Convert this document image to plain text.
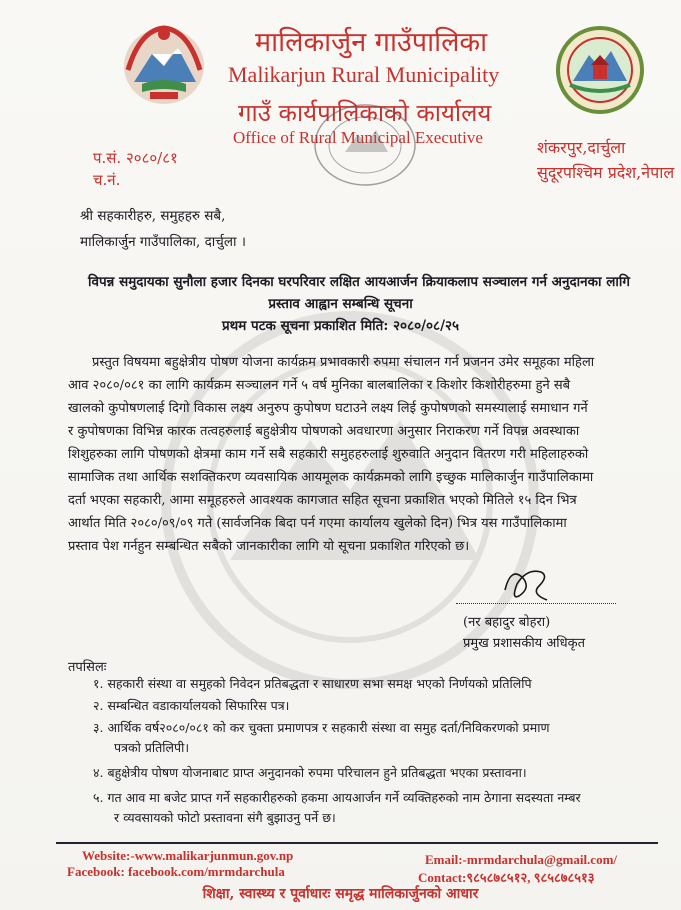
मालिकार्जुन गाउँपालिका
Malikarjun Rural Municipality
गाउँ कार्यपालिकाको कार्यालय
Office of Rural Municipal Executive
प.सं. २०८०/८१
च.नं.
शंकरपुर,दार्चुला
सुदूरपश्चिम प्रदेश,नेपाल
श्री सहकारीहरु, समुहहरु सबै,
मालिकार्जुन गाउँपालिका, दार्चुला ।
विपन्न समुदायका सुनौला हजार दिनका घरपरिवार लक्षित आयआर्जन क्रियाकलाप सञ्चालन गर्न अनुदानका लागि
प्रस्ताव आह्वान सम्बन्धि सूचना
प्रथम पटक सूचना प्रकाशित मिति: २०८०/०८/२५
प्रस्तुत विषयमा बहुक्षेत्रीय पोषण योजना कार्यक्रम प्रभावकारी रुपमा संचालन गर्न प्रजनन उमेर समूहका महिला
आव २०८०/०८१ का लागि कार्यक्रम सञ्चालन गर्ने ५ वर्ष मुनिका बालबालिका र किशोर किशोरीहरुमा हुने सबै
खालको कुपोषणलाई दिगो विकास लक्ष्य अनुरुप कुपोषण घटाउने लक्ष्य लिई कुपोषणको समस्यालाई समाधान गर्ने
र कुपोषणका विभिन्न कारक तत्वहरुलाई बहुक्षेत्रीय पोषणको अवधारणा अनुसार निराकरण गर्ने विपन्न अवस्थाका
शिशुहरुका लागि पोषणको क्षेत्रमा काम गर्ने सबै सहकारी समुहहरुलाई शुरुवाति अनुदान वितरण गरी महिलाहरुको
सामाजिक तथा आर्थिक सशक्तिकरण व्यवसायिक आयमूलक कार्यक्रमको लागि इच्छुक मालिकार्जुन गाउँपालिकामा
दर्ता भएका सहकारी, आमा समूहहरुले आवश्यक कागजात सहित सूचना प्रकाशित भएको मितिले १५ दिन भित्र
आर्थात मिति २०८०/०९/०९ गते (सार्वजनिक बिदा पर्न गएमा कार्यालय खुलेको दिन) भित्र यस गाउँपालिकामा
प्रस्ताव पेश गर्नहुन सम्बन्धित सबैको जानकारीका लागि यो सूचना प्रकाशित गरिएको छ।
(नर बहादुर बोहरा)
प्रमुख प्रशासकीय अधिकृत
तपसिलः
१. सहकारी संस्था वा समुहको निवेदन प्रतिबद्धता र साधारण सभा समक्ष भएको निर्णयको प्रतिलिपि
२. सम्बन्धित वडाकार्यालयको सिफारिस पत्र।
३. आर्थिक वर्ष२०८०/०८१ को कर चुक्ता प्रमाणपत्र र सहकारी संस्था वा समुह दर्ता/निविकरणको प्रमाण
पत्रको प्रतिलिपी।
४. बहुक्षेत्रीय पोषण योजनाबाट प्राप्त अनुदानको रुपमा परिचालन हुने प्रतिबद्धता भएका प्रस्तावना।
५. गत आव मा बजेट प्राप्त गर्ने सहकारीहरुको हकमा आयआर्जन गर्ने व्यक्तिहरुको नाम ठेगाना सदस्यता नम्बर
र व्यवसायको फोटो प्रस्तावना संगै बुझाउनु पर्ने छ।
Website:-www.malikarjunmun.gov.np
Facebook: facebook.com/mrmdarchula
Email:-mrmdarchula@gmail.com/
Contact:९८५८७८५१२, ९८५८७८५१३
शिक्षा, स्वास्थ्य र पूर्वाधारः समृद्ध मालिकार्जुनको आधार
